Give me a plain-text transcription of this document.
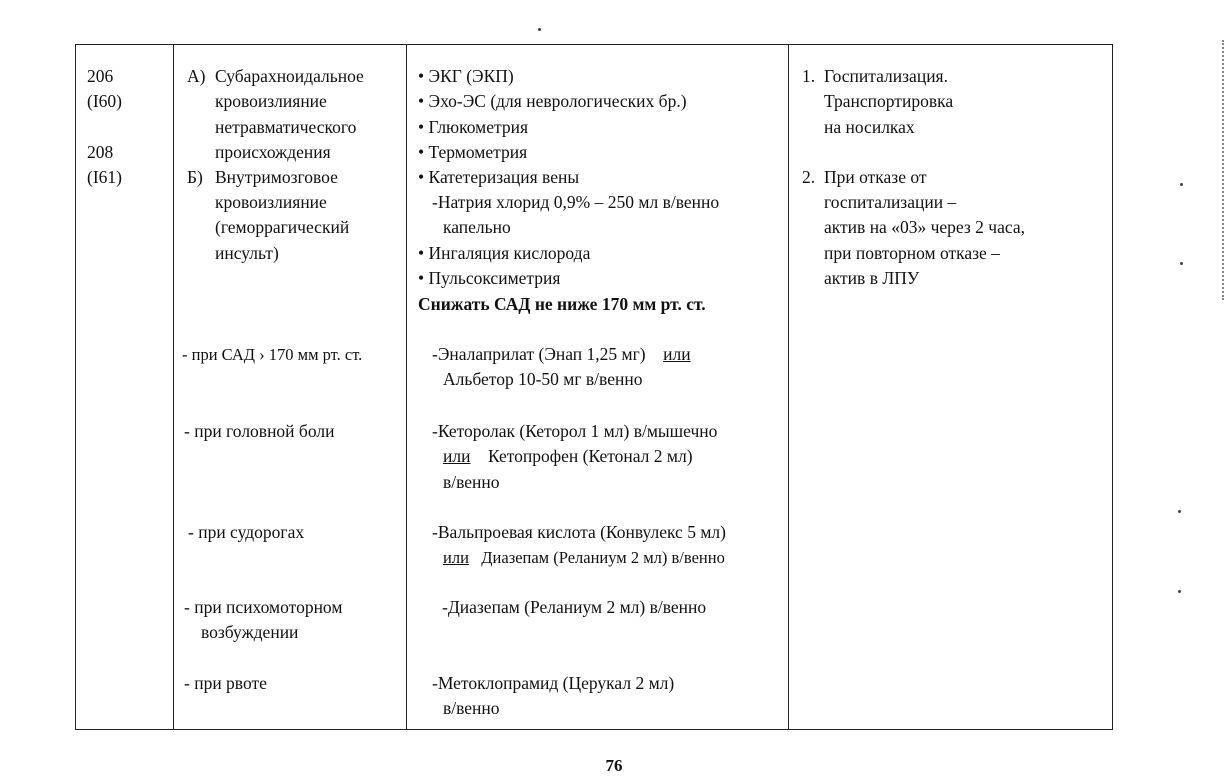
206
(I60)
208
(I61)
А) Субарахноидальное
кровоизлияние
нетравматического
происхождения
Б) Внутримозговое
кровоизлияние
(геморрагический
инсульт)
- при САД › 170 мм рт. ст.
- при головной боли
- при судорогах
- при психомоторном
возбуждении
- при рвоте
• ЭКГ (ЭКП)
• Эхо-ЭС (для неврологических бр.)
• Глюкометрия
• Термометрия
• Катетеризация вены
-Натрия хлорид 0,9% – 250 мл в/венно
капельно
• Ингаляция кислорода
• Пульсоксиметрия
Снижать САД не ниже 170 мм рт. ст.
-Эналаприлат (Энап 1,25 мг) или
Альбетор 10-50 мг в/венно
-Кеторолак (Кеторол 1 мл) в/мышечно
или Кетопрофен (Кетонал 2 мл)
в/венно
-Вальпроевая кислота (Конвулекс 5 мл)
или Диазепам (Реланиум 2 мл) в/венно
-Диазепам (Реланиум 2 мл) в/венно
-Метоклопрамид (Церукал 2 мл)
в/венно
1. Госпитализация.
Транспортировка
на носилках
2. При отказе от
госпитализации –
актив на «03» через 2 часа,
при повторном отказе –
актив в ЛПУ
76
